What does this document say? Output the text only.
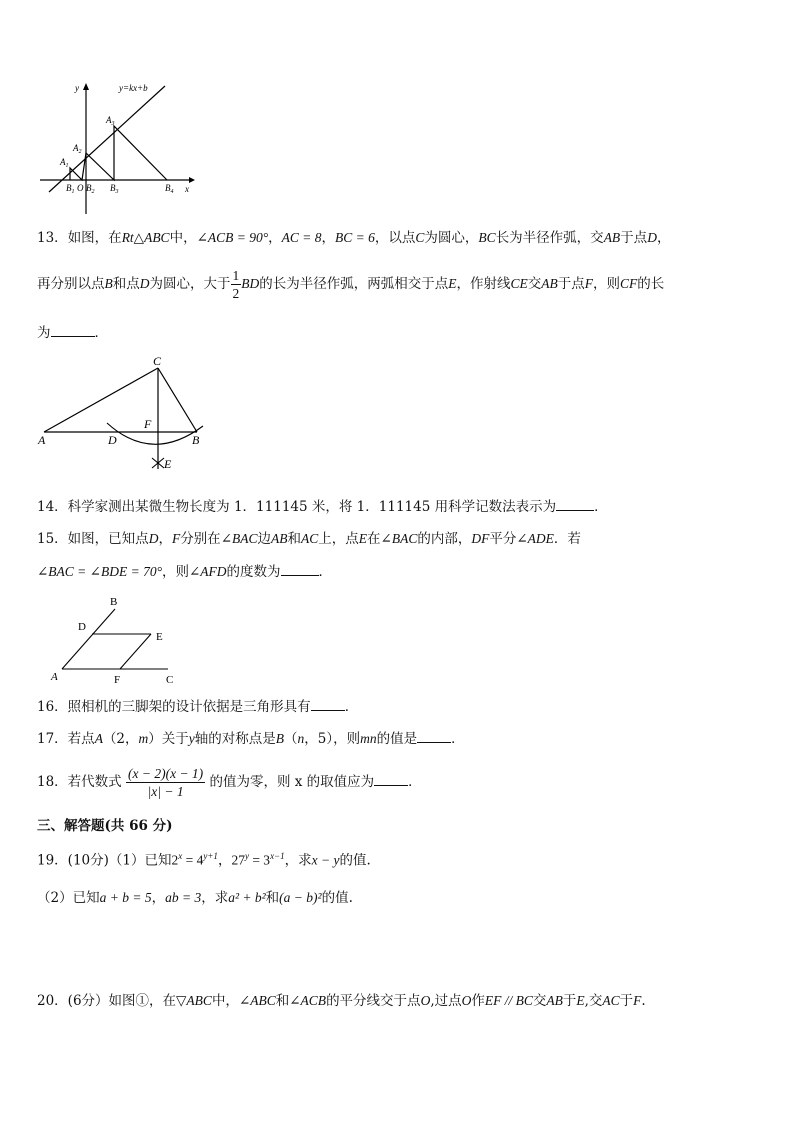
y	y=kx+b
x
$A_1$
$A_2$
$A_3$
$B_1$ O $B_2$ $B_3$	$B_4$
13．如图，在Rt△ABC中，∠ACB = 90°，AC = 8，BC = 6，以点C为圆心，BC长为半径作弧，交AB于点D，
再分别以点B和点D为圆心，大于 $\frac{1}{2}$ BD的长为半径作弧，两弧相交于点E，作射线CE交AB于点F，则CF的长
为	．
C
A	D
F
B
E
14．科学家测出某微生物长度为 1．111145 米，将 1．111145 用科学记数法表示为	．
15．如图，已知点D，F分别在∠BAC边AB和AC上，点E在∠BAC的内部，DF平分∠ADE．若
∠BAC = ∠BDE = 70°，则∠AFD的度数为	．
B
D
E
A	F	C
16．照相机的三脚架的设计依据是三角形具有	．
17．若点A（2，m）关于y轴的对称点是B（n，5），则mn的值是	．
18．若代数式 $\frac{(x - 2)(x - 1)}{|x| - 1}$ 的值为零，则 x 的取值应为	．
三、解答题(共 66 分)
19．(10分)（1）已知$2^x = 4^{y+1}$，$27^y = 3^{x-1}$，求x − y的值.
（2）已知a + b = 5，ab = 3，求a² + b²和(a − b)²的值.
20．(6分）如图①，在▽ABC中，∠ABC和∠ACB的平分线交于点O,过点O作EF // BC交AB于E,交AC于F.
